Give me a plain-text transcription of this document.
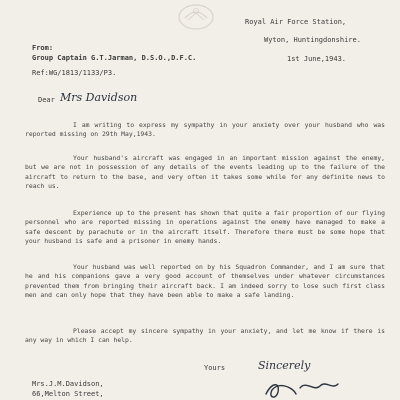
Royal Air Force Station,
Wyton, Huntingdonshire.
From:
Group Captain G.T.Jarman, D.S.O.,D.F.C.	1st June,1943.
Ref:WG/1813/1133/P3.
Dear Mrs Davidson

I am writing to express my sympathy in your anxiety over your husband who was reported missing on 29th May,1943.

Your husband's aircraft was engaged in an important mission against the enemy, but we are not in possession of any details of the events leading up to the failure of the aircraft to return to the base, and very often it takes some while for any definite news to reach us.

Experience up to the present has shown that quite a fair proportion of our flying personnel who are reported missing in operations against the enemy have managed to make a safe descent by parachute or in the aircraft itself. Therefore there must be some hope that your husband is safe and a prisoner in enemy hands.

Your husband was well reported on by his Squadron Commander, and I am sure that he and his companions gave a very good account of themselves under whatever circumstances prevented them from bringing their aircraft back. I am indeed sorry to lose such first class men and can only hope that they have been able to make a safe landing.

Please accept my sincere sympathy in your anxiety, and let me know if there is any way in which I can help.

Yours	Sincerely
Mrs.J.M.Davidson,
66,Melton Street,
